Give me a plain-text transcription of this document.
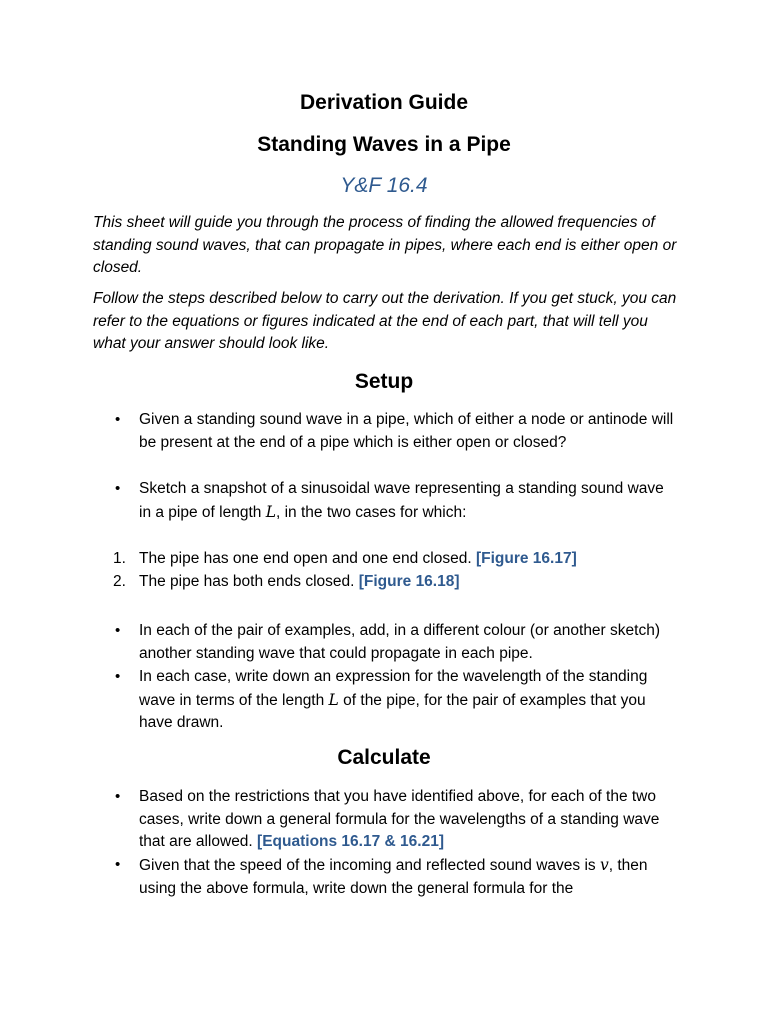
Derivation Guide
Standing Waves in a Pipe
Y&F 16.4

This sheet will guide you through the process of finding the allowed frequencies of standing sound waves, that can propagate in pipes, where each end is either open or closed.

Follow the steps described below to carry out the derivation. If you get stuck, you can refer to the equations or figures indicated at the end of each part, that will tell you what your answer should look like.

Setup
• Given a standing sound wave in a pipe, which of either a node or antinode will be present at the end of a pipe which is either open or closed?
• Sketch a snapshot of a sinusoidal wave representing a standing sound wave in a pipe of length L, in the two cases for which:
1. The pipe has one end open and one end closed. [Figure 16.17]
2. The pipe has both ends closed. [Figure 16.18]
• In each of the pair of examples, add, in a different colour (or another sketch) another standing wave that could propagate in each pipe.
• In each case, write down an expression for the wavelength of the standing wave in terms of the length L of the pipe, for the pair of examples that you have drawn.
Calculate
• Based on the restrictions that you have identified above, for each of the two cases, write down a general formula for the wavelengths of a standing wave that are allowed. [Equations 16.17 & 16.21]
• Given that the speed of the incoming and reflected sound waves is v, then using the above formula, write down the general formula for the
